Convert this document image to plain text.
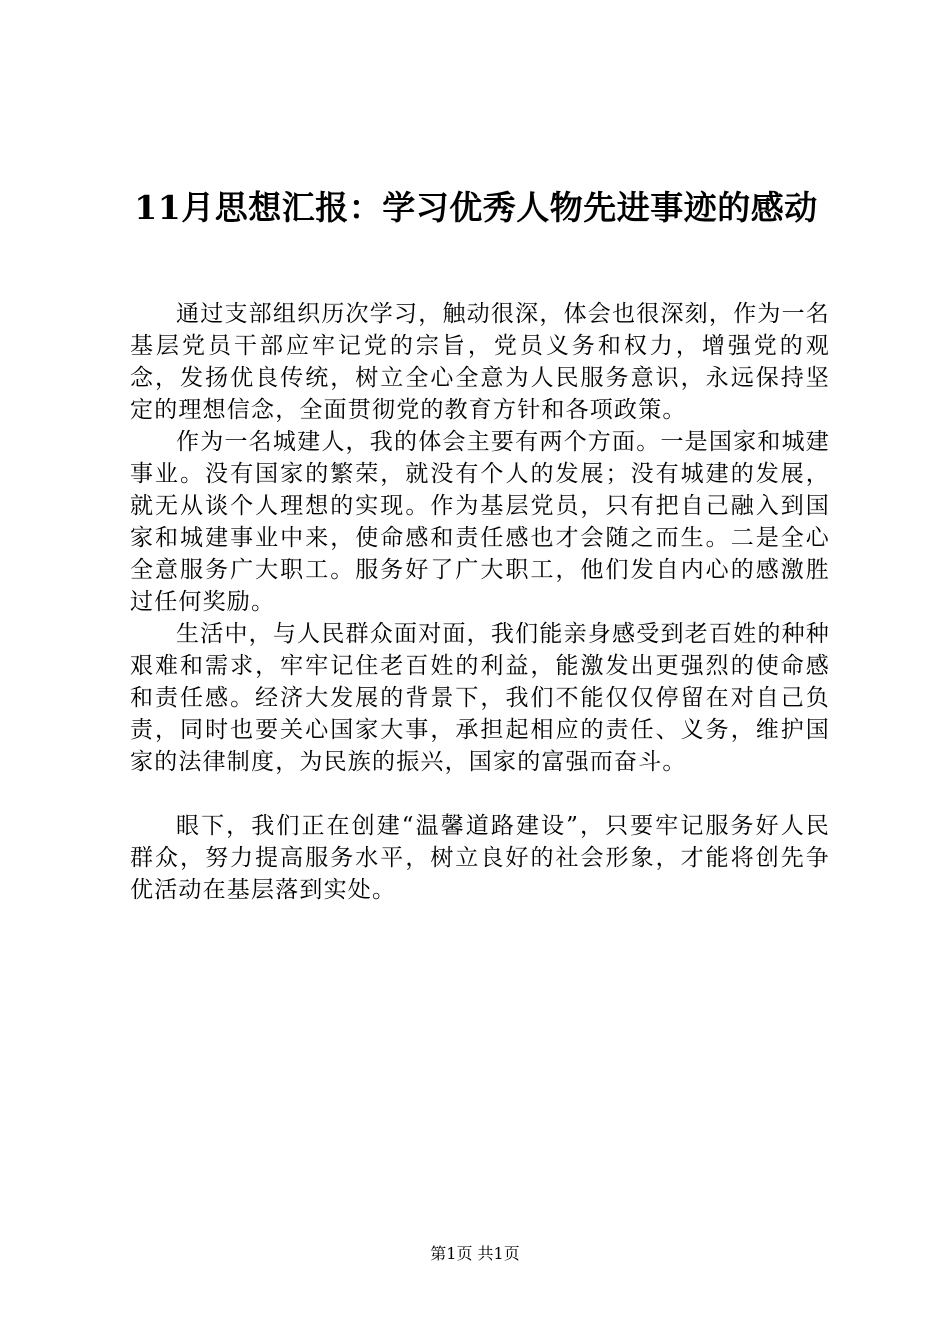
11月思想汇报：学习优秀人物先进事迹的感动

通过支部组织历次学习，触动很深，体会也很深刻，作为一名基层党员干部应牢记党的宗旨，党员义务和权力，增强党的观念，发扬优良传统，树立全心全意为人民服务意识，永远保持坚定的理想信念，全面贯彻党的教育方针和各项政策。

作为一名城建人，我的体会主要有两个方面。一是国家和城建事业。没有国家的繁荣，就没有个人的发展；没有城建的发展，就无从谈个人理想的实现。作为基层党员，只有把自己融入到国家和城建事业中来，使命感和责任感也才会随之而生。二是全心全意服务广大职工。服务好了广大职工，他们发自内心的感激胜过任何奖励。

生活中，与人民群众面对面，我们能亲身感受到老百姓的种种艰难和需求，牢牢记住老百姓的利益，能激发出更强烈的使命感和责任感。经济大发展的背景下，我们不能仅仅停留在对自己负责，同时也要关心国家大事，承担起相应的责任、义务，维护国家的法律制度，为民族的振兴，国家的富强而奋斗。

眼下，我们正在创建“温馨道路建设”，只要牢记服务好人民群众，努力提高服务水平，树立良好的社会形象，才能将创先争优活动在基层落到实处。

第1页 共1页
